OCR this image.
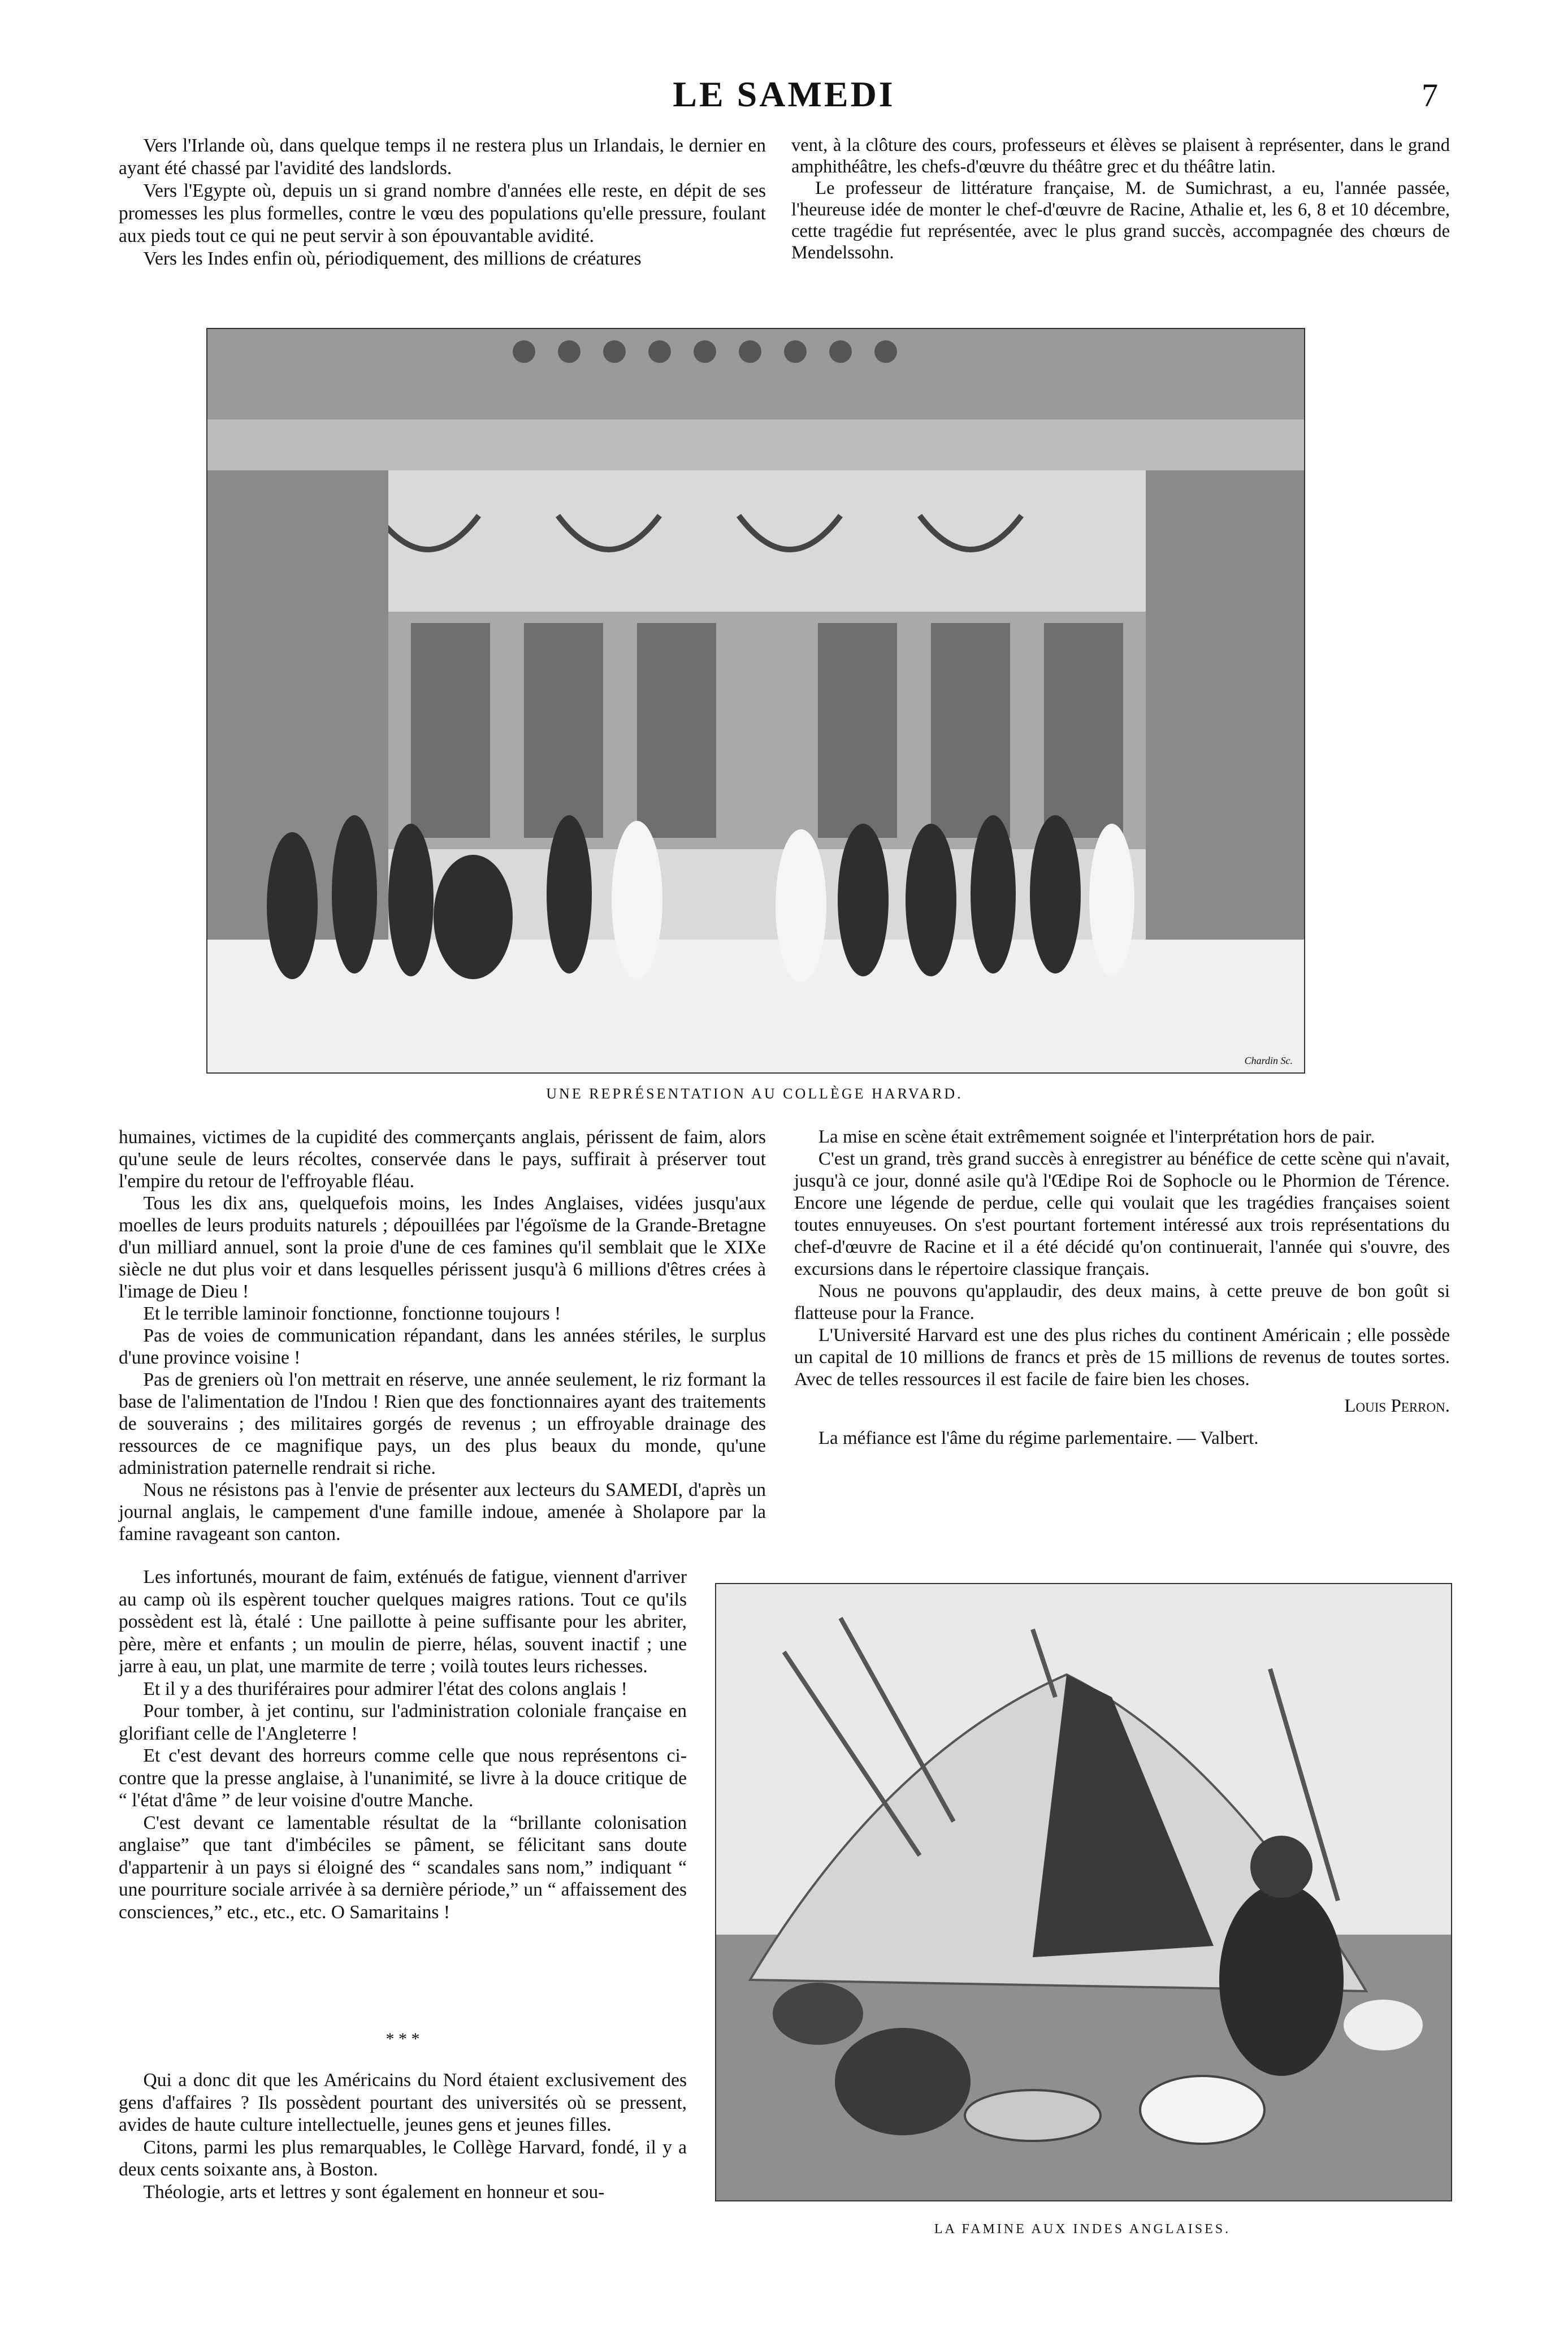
LE SAMEDI	7

Vers l'Irlande où, dans quelque temps il ne restera plus un Irlandais, le dernier en ayant été chassé par l'avidité des landslords.

Vers l'Egypte où, depuis un si grand nombre d'années elle reste, en dépit de ses promesses les plus formelles, contre le vœu des populations qu'elle pressure, foulant aux pieds tout ce qui ne peut servir à son épouvantable avidité.

Vers les Indes enfin où, périodiquement, des millions de créatures

vent, à la clôture des cours, professeurs et élèves se plaisent à représenter, dans le grand amphithéâtre, les chefs-d'œuvre du théâtre grec et du théâtre latin.

Le professeur de littérature française, M. de Sumichrast, a eu, l'année passée, l'heureuse idée de monter le chef-d'œuvre de Racine, Athalie et, les 6, 8 et 10 décembre, cette tragédie fut représentée, avec le plus grand succès, accompagnée des chœurs de Mendelssohn.

Chardin Sc.
UNE REPRÉSENTATION AU COLLÈGE HARVARD.

humaines, victimes de la cupidité des commerçants anglais, périssent de faim, alors qu'une seule de leurs récoltes, conservée dans le pays, suffirait à préserver tout l'empire du retour de l'effroyable fléau.

Tous les dix ans, quelquefois moins, les Indes Anglaises, vidées jusqu'aux moelles de leurs produits naturels ; dépouillées par l'égoïsme de la Grande-Bretagne d'un milliard annuel, sont la proie d'une de ces famines qu'il semblait que le XIXe siècle ne dut plus voir et dans lesquelles périssent jusqu'à 6 millions d'êtres crées à l'image de Dieu !

Et le terrible laminoir fonctionne, fonctionne toujours !

Pas de voies de communication répandant, dans les années stériles, le surplus d'une province voisine !

Pas de greniers où l'on mettrait en réserve, une année seulement, le riz formant la base de l'alimentation de l'Indou ! Rien que des fonctionnaires ayant des traitements de souverains ; des militaires gorgés de revenus ; un effroyable drainage des ressources de ce magnifique pays, un des plus beaux du monde, qu'une administration paternelle rendrait si riche.

Nous ne résistons pas à l'envie de présenter aux lecteurs du SAMEDI, d'après un journal anglais, le campement d'une famille indoue, amenée à Sholapore par la famine ravageant son canton.

La mise en scène était extrêmement soignée et l'interprétation hors de pair.

C'est un grand, très grand succès à enregistrer au bénéfice de cette scène qui n'avait, jusqu'à ce jour, donné asile qu'à l'Œdipe Roi de Sophocle ou le Phormion de Térence. Encore une légende de perdue, celle qui voulait que les tragédies françaises soient toutes ennuyeuses. On s'est pourtant fortement intéressé aux trois représentations du chef-d'œuvre de Racine et il a été décidé qu'on continuerait, l'année qui s'ouvre, des excursions dans le répertoire classique français.

Nous ne pouvons qu'applaudir, des deux mains, à cette preuve de bon goût si flatteuse pour la France.

L'Université Harvard est une des plus riches du continent Américain ; elle possède un capital de 10 millions de francs et près de 15 millions de revenus de toutes sortes. Avec de telles ressources il est facile de faire bien les choses.

Louis Perron.

La méfiance est l'âme du régime parlementaire. — Valbert.

Les infortunés, mourant de faim, exténués de fatigue, viennent d'arriver au camp où ils espèrent toucher quelques maigres rations. Tout ce qu'ils possèdent est là, étalé : Une paillotte à peine suffisante pour les abriter, père, mère et enfants ; un moulin de pierre, hélas, souvent inactif ; une jarre à eau, un plat, une marmite de terre ; voilà toutes leurs richesses.

Et il y a des thuriféraires pour admirer l'état des colons anglais !

Pour tomber, à jet continu, sur l'administration coloniale française en glorifiant celle de l'Angleterre !

Et c'est devant des horreurs comme celle que nous représentons ci-contre que la presse anglaise, à l'unanimité, se livre à la douce critique de “ l'état d'âme ” de leur voisine d'outre Manche.

C'est devant ce lamentable résultat de la “brillante colonisation anglaise” que tant d'imbéciles se pâment, se félicitant sans doute d'appartenir à un pays si éloigné des “ scandales sans nom,” indiquant “ une pourriture sociale arrivée à sa dernière période,” un “ affaissement des consciences,” etc., etc., etc. O Samaritains !

* * *

Qui a donc dit que les Américains du Nord étaient exclusivement des gens d'affaires ? Ils possèdent pourtant des universités où se pressent, avides de haute culture intellectuelle, jeunes gens et jeunes filles.

Citons, parmi les plus remarquables, le Collège Harvard, fondé, il y a deux cents soixante ans, à Boston.

Théologie, arts et lettres y sont également en honneur et sou-

LA FAMINE AUX INDES ANGLAISES.
